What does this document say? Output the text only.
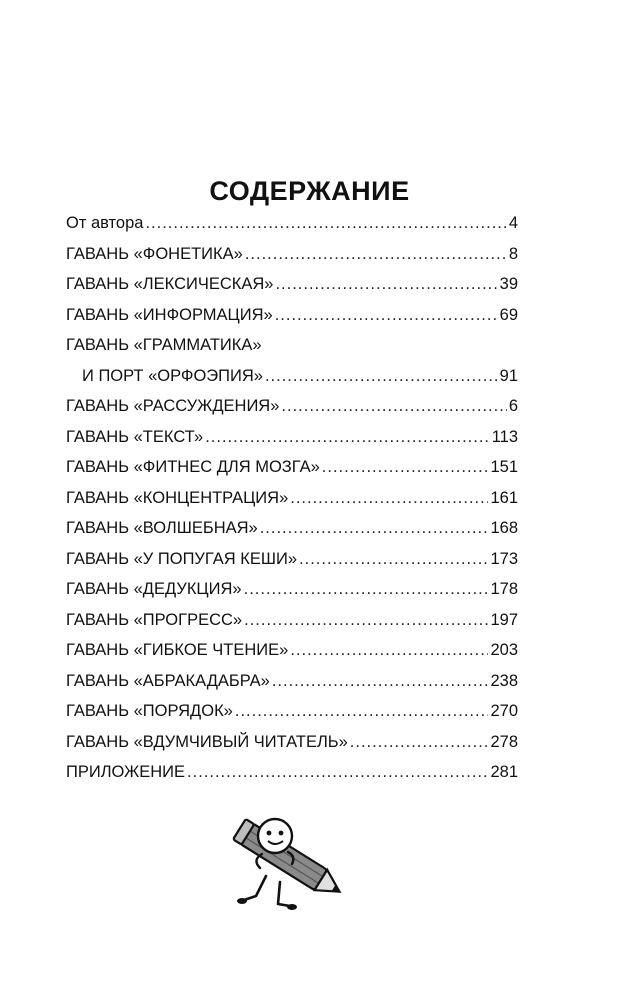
СОДЕРЖАНИЕ
От автора .....	4
ГАВАНЬ «ФОНЕТИКА» .....	8
ГАВАНЬ «ЛЕКСИЧЕСКАЯ» .....	39
ГАВАНЬ «ИНФОРМАЦИЯ» .....	69
ГАВАНЬ «ГРАММАТИКА»
И ПОРТ «ОРФОЭПИЯ» .....	91
ГАВАНЬ «РАССУЖДЕНИЯ» .....	6
ГАВАНЬ «ТЕКСТ» .....	113
ГАВАНЬ «ФИТНЕС ДЛЯ МОЗГА» .....	151
ГАВАНЬ «КОНЦЕНТРАЦИЯ» .....	161
ГАВАНЬ «ВОЛШЕБНАЯ» .....	168
ГАВАНЬ «У ПОПУГАЯ КЕШИ» .....	173
ГАВАНЬ «ДЕДУКЦИЯ» .....	178
ГАВАНЬ «ПРОГРЕСС» .....	197
ГАВАНЬ «ГИБКОЕ ЧТЕНИЕ» .....	203
ГАВАНЬ «АБРАКАДАБРА» .....	238
ГАВАНЬ «ПОРЯДОК» .....	270
ГАВАНЬ «ВДУМЧИВЫЙ ЧИТАТЕЛЬ» .....	278
ПРИЛОЖЕНИЕ .....	281
